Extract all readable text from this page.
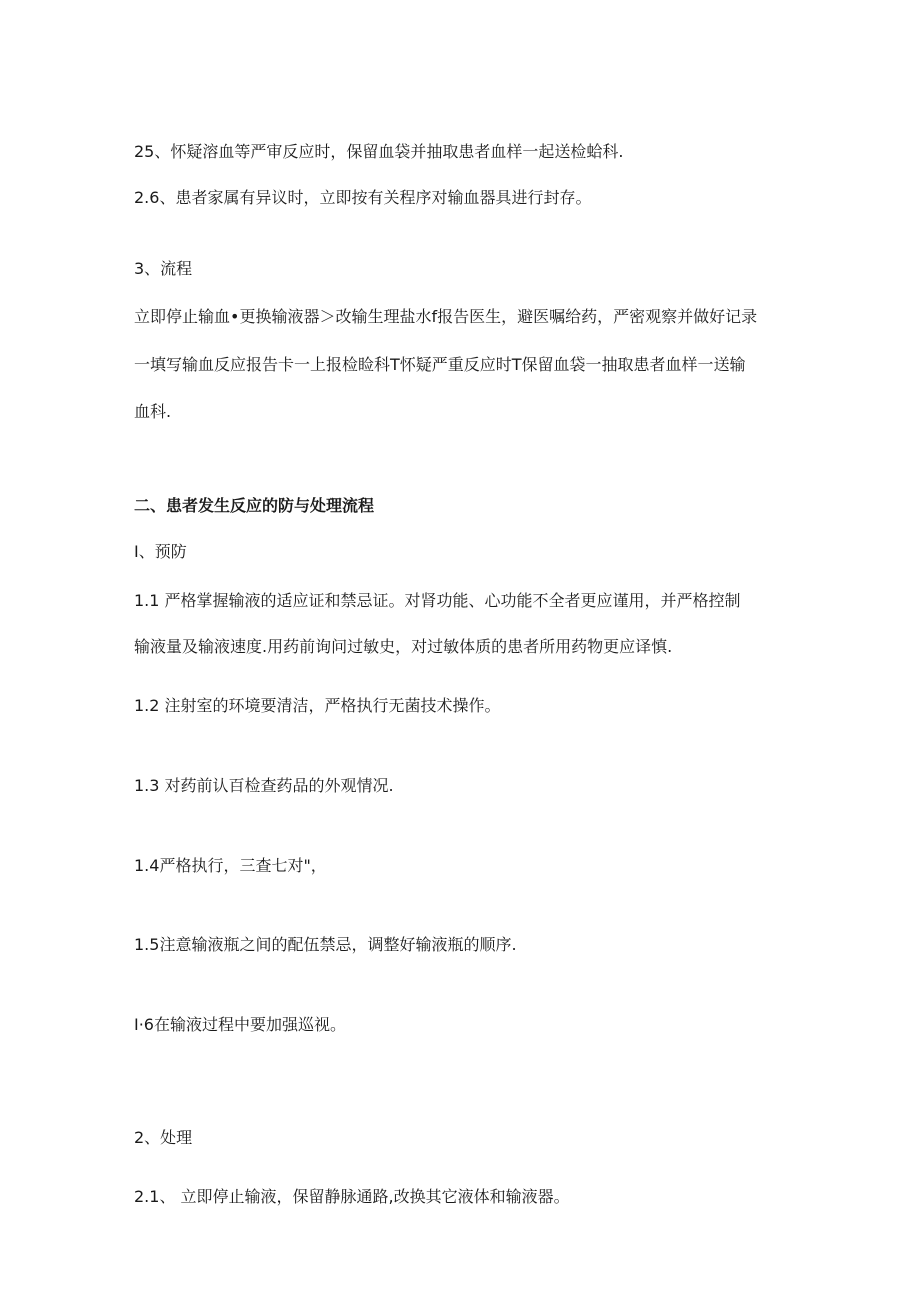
25、怀疑溶血等严审反应时，保留血袋并抽取患者血样一起送检蛤科.

2.6、患者家属有异议时，立即按有关程序对输血器具进行封存。

3、流程

立即停止输血•更换输液器＞改输生理盐水f报告医生，避医嘱给药，严密观察并做好记录

一填写输血反应报告卡一上报检睑科T怀疑严重反应时T保留血袋一抽取患者血样一送输

血科.

二、患者发生反应的防与处理流程

I、预防

1.1 严格掌握输液的适应证和禁忌证。对肾功能、心功能不全者更应谨用，并严格控制

输液量及输液速度.用药前询问过敏史，对过敏体质的患者所用药物更应译慎.

1.2 注射室的环境要清洁，严格执行无菌技术操作。

1.3 对药前认百检查药品的外观情况.

1.4严格执行，三查七对"，

1.5注意输液瓶之间的配伍禁忌，调整好输液瓶的顺序.

I·6在输液过程中要加强巡视。

2、处理

2.1、 立即停止输液，保留静脉通路,改换其它液体和输液器。
